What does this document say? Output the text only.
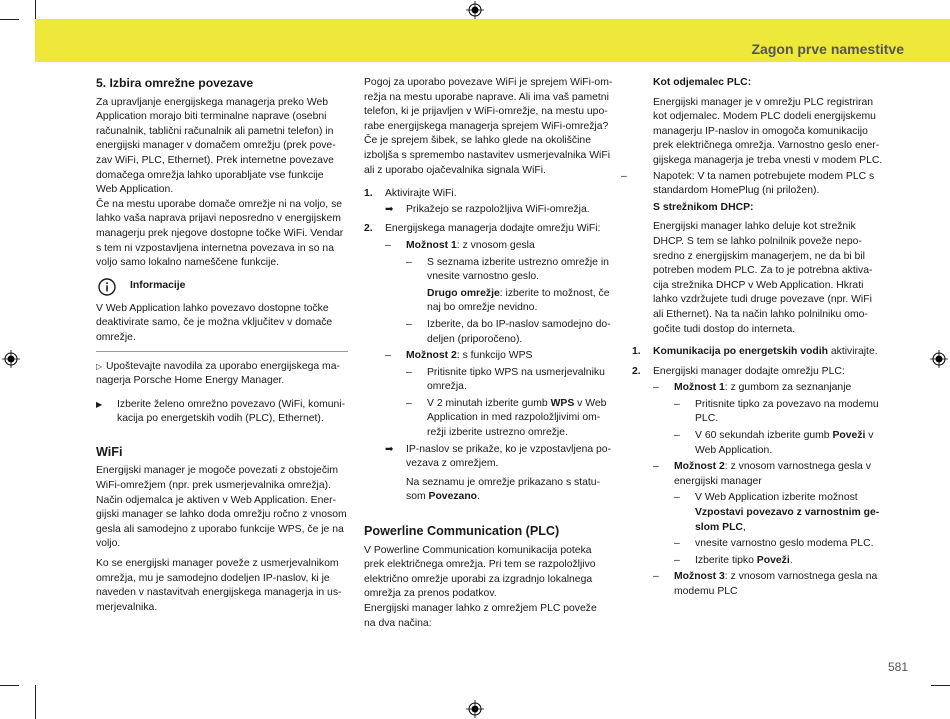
Zagon prve namestitve

5. Izbira omrežne povezave

Za upravljanje energijskega managerja preko Web

Application morajo biti terminalne naprave (osebni

računalnik, tablični računalnik ali pametni telefon) in

energijski manager v domačem omrežju (prek pove-

zav WiFi, PLC, Ethernet). Prek internetne povezave

domačega omrežja lahko uporabljate vse funkcije

Web Application.

Če na mestu uporabe domače omrežje ni na voljo, se

lahko vaša naprava prijavi neposredno v energijskem

managerju prek njegove dostopne točke WiFi. Vendar

s tem ni vzpostavljena internetna povezava in so na

voljo samo lokalno nameščene funkcije.

Informacije

V Web Application lahko povezavo dostopne točke

deaktivirate samo, če je možna vključitev v domače

omrežje.

▷ Upoštevajte navodila za uporabo energijskega ma-

nagerja Porsche Home Energy Manager.

▶ Izberite želeno omrežno povezavo (WiFi, komuni-

kacija po energetskih vodih (PLC), Ethernet).

WiFi

Energijski manager je mogoče povezati z obstoječim

WiFi-omrežjem (npr. prek usmerjevalnika omrežja).

Način odjemalca je aktiven v Web Application. Ener-

gijski manager se lahko doda omrežju ročno z vnosom

gesla ali samodejno z uporabo funkcije WPS, če je na

voljo.

Ko se energijski manager poveže z usmerjevalnikom

omrežja, mu je samodejno dodeljen IP-naslov, ki je

naveden v nastavitvah energijskega managerja in us-

merjevalnika.

Pogoj za uporabo povezave WiFi je sprejem WiFi-om-

režja na mestu uporabe naprave. Ali ima vaš pametni

telefon, ki je prijavljen v WiFi-omrežje, na mestu upo-

rabe energijskega managerja sprejem WiFi-omrežja?

Če je sprejem šibek, se lahko glede na okoliščine

izboljša s spremembo nastavitev usmerjevalnika WiFi

ali z uporabo ojačevalnika signala WiFi.

1. Aktivirajte WiFi.

➡ Prikažejo se razpoložljiva WiFi-omrežja.

2. Energijskega managerja dodajte omrežju WiFi:

– Možnost 1: z vnosom gesla

– S seznama izberite ustrezno omrežje in

vnesite varnostno geslo.

Drugo omrežje: izberite to možnost, če

naj bo omrežje nevidno.

– Izberite, da bo IP-naslov samodejno do-

deljen (priporočeno).

– Možnost 2: s funkcijo WPS

– Pritisnite tipko WPS na usmerjevalniku

omrežja.

– V 2 minutah izberite gumb WPS v Web

Application in med razpoložljivimi om-

režji izberite ustrezno omrežje.

➡ IP-naslov se prikaže, ko je vzpostavljena po-

vezava z omrežjem.

Na seznamu je omrežje prikazano s statu-

som Povezano.

Powerline Communication (PLC)

V Powerline Communication komunikacija poteka

prek električnega omrežja. Pri tem se razpoložljivo

električno omrežje uporabi za izgradnjo lokalnega

omrežja za prenos podatkov.

Energijski manager lahko z omrežjem PLC poveže

na dva načina:

Kot odjemalec PLC:

Energijski manager je v omrežju PLC registriran

kot odjemalec. Modem PLC dodeli energijskemu

managerju IP-naslov in omogoča komunikacijo

prek električnega omrežja. Varnostno geslo ener-

gijskega managerja je treba vnesti v modem PLC.

–	Napotek: V ta namen potrebujete modem PLC s

standardom HomePlug (ni priložen).

S strežnikom DHCP:

Energijski manager lahko deluje kot strežnik

DHCP. S tem se lahko polnilnik poveže nepo-

sredno z energijskim managerjem, ne da bi bil

potreben modem PLC. Za to je potrebna aktiva-

cija strežnika DHCP v Web Application. Hkrati

lahko vzdržujete tudi druge povezave (npr. WiFi

ali Ethernet). Na ta način lahko polnilniku omo-

gočite tudi dostop do interneta.

1. Komunikacija po energetskih vodih aktivirajte.

2. Energijski manager dodajte omrežju PLC:

– Možnost 1: z gumbom za seznanjanje

– Pritisnite tipko za povezavo na modemu

PLC.

– V 60 sekundah izberite gumb Poveži v

Web Application.

– Možnost 2: z vnosom varnostnega gesla v

energijski manager

– V Web Application izberite možnost

Vzpostavi povezavo z varnostnim ge-

slom PLC,

– vnesite varnostno geslo modema PLC.

– Izberite tipko Poveži.

– Možnost 3: z vnosom varnostnega gesla na

modemu PLC

581
